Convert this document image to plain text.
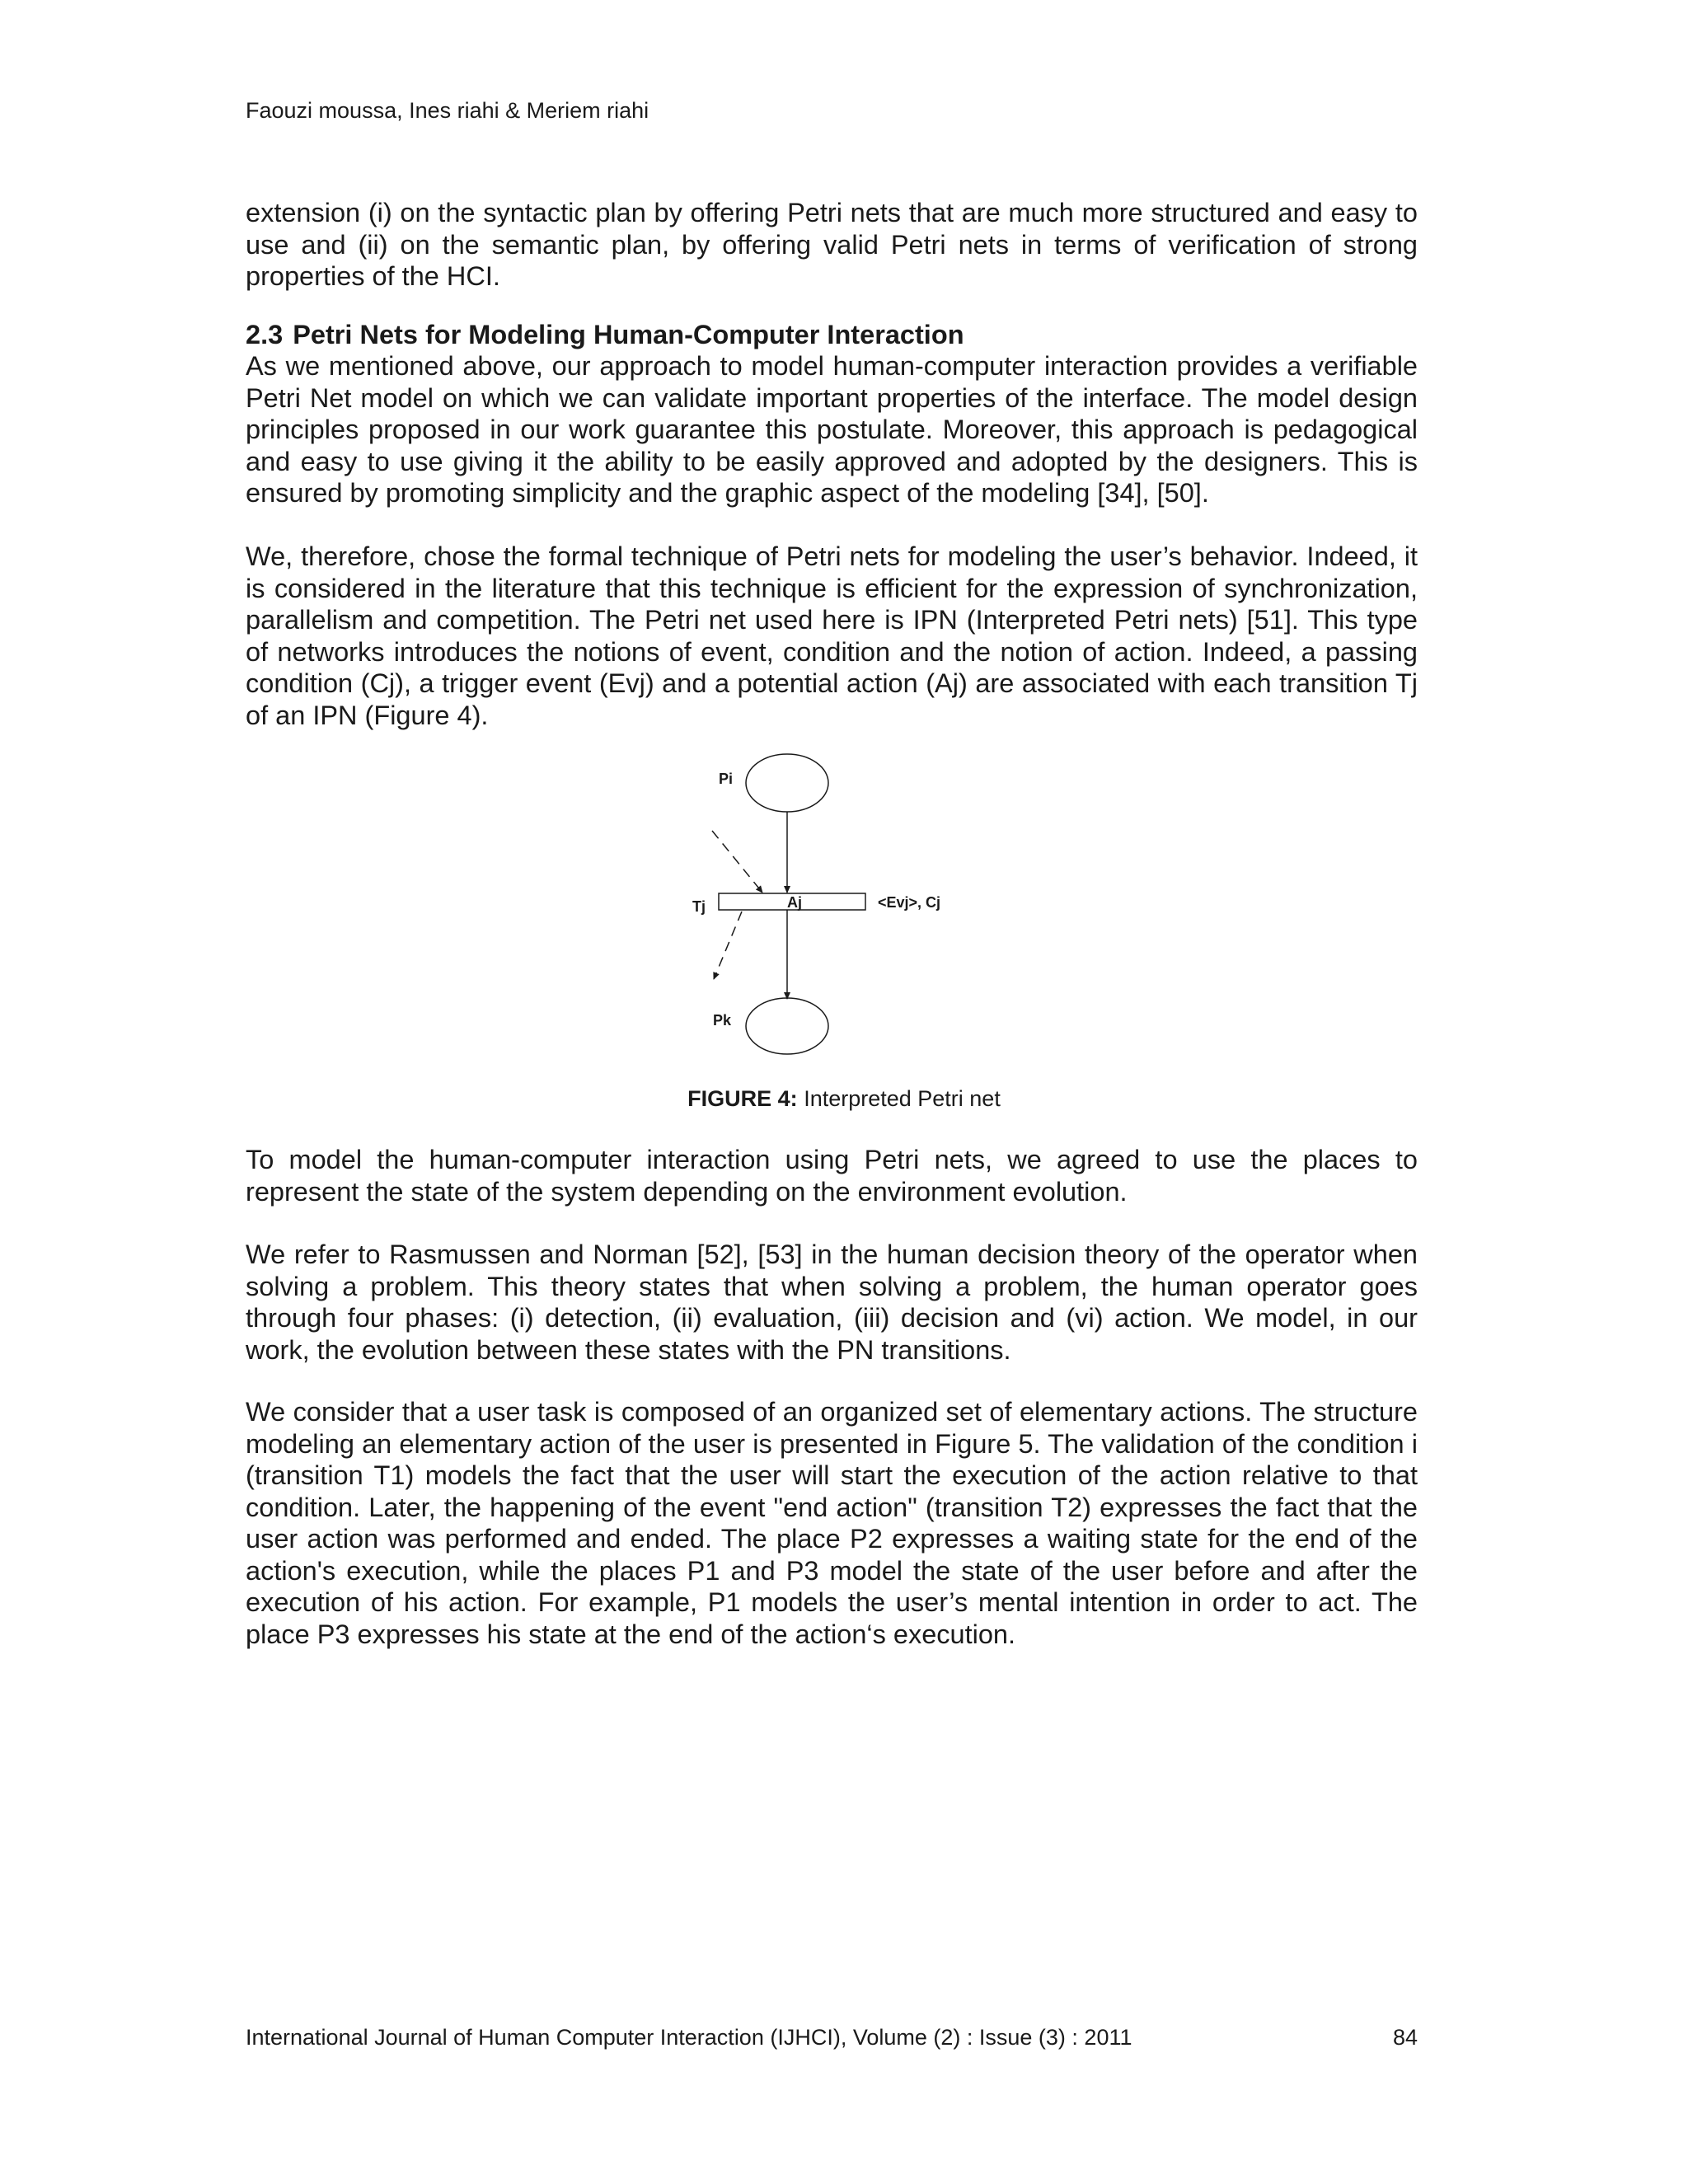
Faouzi moussa, Ines riahi & Meriem riahi

extension (i) on the syntactic plan by offering Petri nets that are much more structured and easy to use and (ii) on the semantic plan, by offering valid Petri nets in terms of verification of strong properties of the HCI.

2.3 Petri Nets for Modeling Human-Computer Interaction

As we mentioned above, our approach to model human-computer interaction provides a verifiable Petri Net model on which we can validate important properties of the interface. The model design principles proposed in our work guarantee this postulate. Moreover, this approach is pedagogical and easy to use giving it the ability to be easily approved and adopted by the designers. This is ensured by promoting simplicity and the graphic aspect of the modeling [34], [50].

We, therefore, chose the formal technique of Petri nets for modeling the user’s behavior. Indeed, it is considered in the literature that this technique is efficient for the expression of synchronization, parallelism and competition. The Petri net used here is IPN (Interpreted Petri nets) [51]. This type of networks introduces the notions of event, condition and the notion of action. Indeed, a passing condition (Cj), a trigger event (Evj) and a potential action (Aj) are associated with each transition Tj of an IPN (Figure 4).

Pi
Tj	Aj	<Evj>, Cj
Pk
FIGURE 4: Interpreted Petri net

To model the human-computer interaction using Petri nets, we agreed to use the places to represent the state of the system depending on the environment evolution.

We refer to Rasmussen and Norman [52], [53] in the human decision theory of the operator when solving a problem. This theory states that when solving a problem, the human operator goes through four phases: (i) detection, (ii) evaluation, (iii) decision and (vi) action. We model, in our work, the evolution between these states with the PN transitions.

We consider that a user task is composed of an organized set of elementary actions. The structure modeling an elementary action of the user is presented in Figure 5. The validation of the condition i (transition T1) models the fact that the user will start the execution of the action relative to that condition. Later, the happening of the event "end action" (transition T2) expresses the fact that the user action was performed and ended. The place P2 expresses a waiting state for the end of the action's execution, while the places P1 and P3 model the state of the user before and after the execution of his action. For example, P1 models the user’s mental intention in order to act. The place P3 expresses his state at the end of the action‘s execution.

International Journal of Human Computer Interaction (IJHCI), Volume (2) : Issue (3) : 2011	84
